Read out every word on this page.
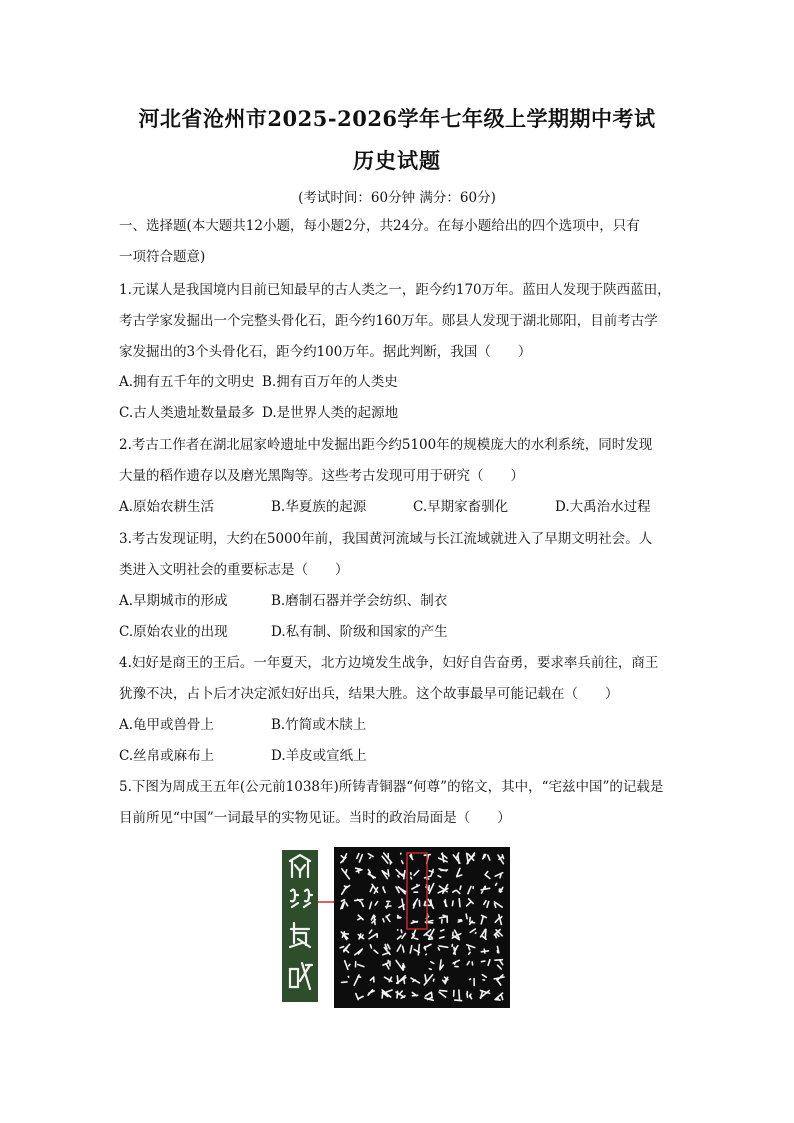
河北省沧州市2025-2026学年七年级上学期期中考试
历史试题
(考试时间：60分钟 满分：60分)
一、选择题(本大题共12小题，每小题2分，共24分。在每小题给出的四个选项中，只有
一项符合题意)
1.元谋人是我国境内目前已知最早的古人类之一，距今约170万年。蓝田人发现于陕西蓝田，
考古学家发掘出一个完整头骨化石，距今约160万年。郧县人发现于湖北郧阳，目前考古学
家发掘出的3个头骨化石，距今约100万年。据此判断，我国（　　）
A.拥有五千年的文明史 B.拥有百万年的人类史
C.古人类遗址数量最多 D.是世界人类的起源地
2.考古工作者在湖北屈家岭遗址中发掘出距今约5100年的规模庞大的水利系统，同时发现
大量的稻作遗存以及磨光黑陶等。这些考古发现可用于研究（　　）
A.原始农耕生活	B.华夏族的起源	C.早期家畜驯化	D.大禹治水过程
3.考古发现证明，大约在5000年前，我国黄河流域与长江流域就进入了早期文明社会。人
类进入文明社会的重要标志是（　　）
A.早期城市的形成	B.磨制石器并学会纺织、制衣
C.原始农业的出现	D.私有制、阶级和国家的产生
4.妇好是商王的王后。一年夏天，北方边境发生战争，妇好自告奋勇，要求率兵前往，商王
犹豫不决，占卜后才决定派妇好出兵，结果大胜。这个故事最早可能记载在（　　）
A.龟甲或兽骨上	B.竹简或木牍上
C.丝帛或麻布上	D.羊皮或宣纸上
5.下图为周成王五年(公元前1038年)所铸青铜器“何尊”的铭文，其中，“宅兹中国”的记载是
目前所见“中国”一词最早的实物见证。当时的政治局面是（　　）
